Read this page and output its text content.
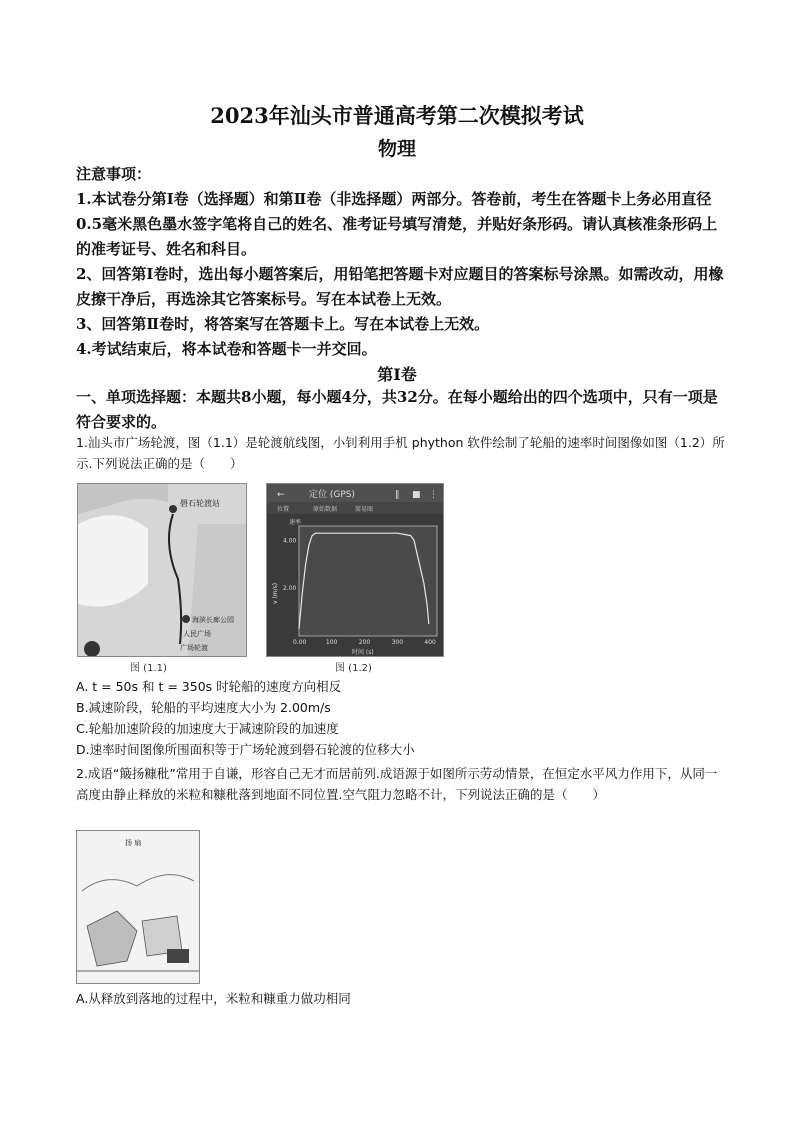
2023年汕头市普通高考第二次模拟考试
物理

注意事项：

1.本试卷分第Ⅰ卷（选择题）和第Ⅱ卷（非选择题）两部分。答卷前，考生在答题卡上务必用直径0.5毫米黑色墨水签字笔将自己的姓名、准考证号填写清楚，并贴好条形码。请认真核准条形码上的准考证号、姓名和科目。

2、回答第Ⅰ卷时，选出每小题答案后，用铅笔把答题卡对应题目的答案标号涂黑。如需改动，用橡皮擦干净后，再选涂其它答案标号。写在本试卷上无效。

3、回答第Ⅱ卷时，将答案写在答题卡上。写在本试卷上无效。

4.考试结束后，将本试卷和答题卡一并交回。

第Ⅰ卷
一、单项选择题：本题共8小题，每小题4分，共32分。在每小题给出的四个选项中，只有一项是符合要求的。

1.汕头市广场轮渡，图（1.1）是轮渡航线图，小钊利用手机 phython 软件绘制了轮船的速率时间图像如图（1.2）所示.下列说法正确的是（　　）

礐石轮渡站
海滨长廊公园
人民广场
广场轮渡
图 (1.1)
←	定位 (GPS)	‖ ■ ⋮
位置	原始数据	简易图
速率
v (m/s)
时间 (s)
0.00	100	200	300	400
2.00
4.00
图 (1.2)
A. t = 50s 和 t = 350s 时轮船的速度方向相反
B.减速阶段，轮船的平均速度大小为 2.00m/s
C.轮船加速阶段的加速度大于减速阶段的加速度
D.速率时间图像所围面积等于广场轮渡到礐石轮渡的位移大小

2.成语“簸扬糠秕”常用于自谦，形容自己无才而居前列.成语源于如图所示劳动情景，在恒定水平风力作用下，从同一高度由静止释放的米粒和糠秕落到地面不同位置.空气阻力忽略不计，下列说法正确的是（　　）

扬 扇
A.从释放到落地的过程中，米粒和糠重力做功相同
